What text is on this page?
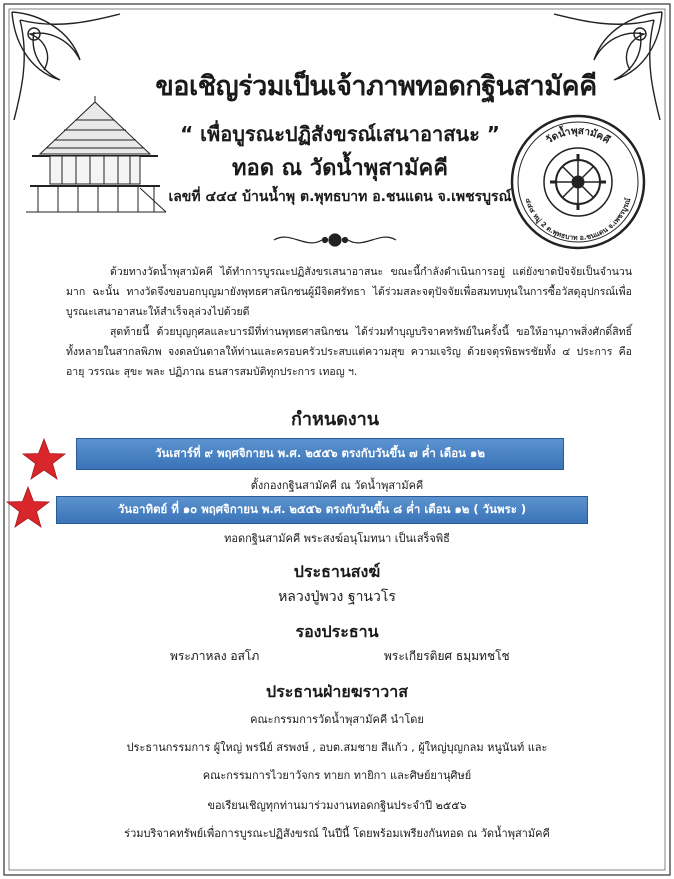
ขอเชิญร่วมเป็นเจ้าภาพทอดกฐินสามัคคี
“ เพื่อบูรณะปฏิสังขรณ์เสนาอาสนะ ”
ทอด ณ วัดน้ำพุสามัคคี
เลขที่ ๔๔๔ บ้านน้ำพุ ต.พุทธบาท อ.ชนแดน จ.เพชรบูรณ์
วัดน้ำพุสามัคคี
๔๔๔ หมู่ 2 ต.พุทธบาท อ.ชนแดน จ.เพชรบูรณ์
ด้วยทางวัดน้ำพุสามัคคี ได้ทำการบูรณะปฏิสังขรเสนาอาสนะ ขณะนี้กำลังดำเนินการอยู่ แต่ยังขาดปัจจัยเป็นจำนวนมาก ฉะนั้น ทางวัดจึงขอบอกบุญมายังพุทธศาสนิกชนผู้มีจิตศรัทธา ได้ร่วมสละจตุปัจจัยเพื่อสมทบทุนในการซื้อวัสดุอุปกรณ์เพื่อบูรณะเสนาอาสนะให้สำเร็จลุล่วงไปด้วยดี
สุดท้ายนี้ ด้วยบุญกุศลและบารมีที่ท่านพุทธศาสนิกชน ได้ร่วมทำบุญบริจาคทรัพย์ในครั้งนี้ ขอให้อานุภาพสิ่งศักดิ์สิทธิ์ทั้งหลายในสากลพิภพ จงดลบันดาลให้ท่านและครอบครัวประสบแต่ความสุข ความเจริญ ด้วยจตุรพิธพรชัยทั้ง ๔ ประการ คือ อายุ วรรณะ สุขะ พละ ปฏิภาณ ธนสารสมบัติทุกประการ เทอญ ฯ.
กำหนดงาน
วันเสาร์ที่ ๙ พฤศจิกายน พ.ศ. ๒๕๕๖ ตรงกับวันขึ้น ๗ ค่ำ เดือน ๑๒
ตั้งกองกฐินสามัคคี ณ วัดน้ำพุสามัคคี
วันอาทิตย์ ที่ ๑๐ พฤศจิกายน พ.ศ. ๒๕๕๖ ตรงกับวันขึ้น ๘ ค่ำ เดือน ๑๒ ( วันพระ )
ทอดกฐินสามัคคี พระสงฆ์อนุโมทนา เป็นเสร็จพิธี
ประธานสงฆ์
หลวงปู่พวง ฐานวโร
รองประธาน
พระภาหลง อสโภ	พระเกียรติยศ ธมฺมทชโช
ประธานฝ่ายฆราวาส
คณะกรรมการวัดน้ำพุสามัคคี นำโดย
ประธานกรรมการ ผู้ใหญ่ พรนีย์ สรพงษ์ , อบต.สมชาย สีแก้ว , ผู้ใหญ่บุญกลม หนูนันท์ และ
คณะกรรมการไวยาวัจกร ทายก ทายิกา และศิษย์ยานุศิษย์
ขอเรียนเชิญทุกท่านมาร่วมงานทอดกฐินประจำปี ๒๕๕๖
ร่วมบริจาคทรัพย์เพื่อการบูรณะปฏิสังขรณ์ ในปีนี้ โดยพร้อมเพรียงกันทอด ณ วัดน้ำพุสามัคคี
